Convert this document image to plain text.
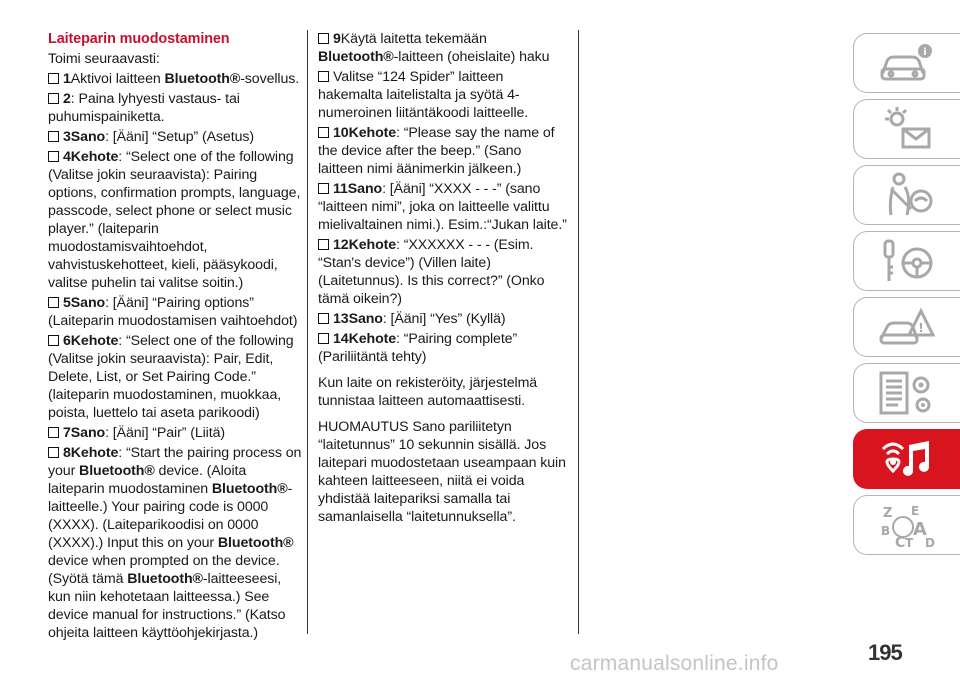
Laiteparin muodostaminen
Toimi seuraavasti:
1Aktivoi laitteen Bluetooth®-sovellus.
2: Paina lyhyesti vastaus- tai puhumispainiketta.
3Sano: [Ääni] “Setup” (Asetus)
4Kehote: “Select one of the following (Valitse jokin seuraavista): Pairing options, confirmation prompts, language, passcode, select phone or select music player.” (laiteparin muodostamisvaihtoehdot, vahvistuskehotteet, kieli, pääsykoodi, valitse puhelin tai valitse soitin.)
5Sano: [Ääni] “Pairing options” (Laiteparin muodostamisen vaihtoehdot)
6Kehote: “Select one of the following (Valitse jokin seuraavista): Pair, Edit, Delete, List, or Set Pairing Code.” (laiteparin muodostaminen, muokkaa, poista, luettelo tai aseta parikoodi)
7Sano: [Ääni] “Pair” (Liitä)
8Kehote: “Start the pairing process on your Bluetooth® device. (Aloita laiteparin muodostaminen Bluetooth®-laitteelle.) Your pairing code is 0000 (XXXX). (Laiteparikoodisi on 0000 (XXXX).) Input this on your Bluetooth® device when prompted on the device. (Syötä tämä Bluetooth®-laitteeseesi, kun niin kehotetaan laitteessa.) See device manual for instructions.” (Katso ohjeita laitteen käyttöohjekirjasta.)
9Käytä laitetta tekemään Bluetooth®-laitteen (oheislaite) haku
Valitse “124 Spider” laitteen hakemalta laitelistalta ja syötä 4-numeroinen liitäntäkoodi laitteelle.
10Kehote: “Please say the name of the device after the beep.” (Sano laitteen nimi äänimerkin jälkeen.)
11Sano: [Ääni] “XXXX - - -” (sano “laitteen nimi”, joka on laitteelle valittu mielivaltainen nimi.). Esim.:“Jukan laite.”
12Kehote: “XXXXXX - - - (Esim. “Stan's device”) (Villen laite) (Laitetunnus). Is this correct?” (Onko tämä oikein?)
13Sano: [Ääni] “Yes” (Kyllä)
14Kehote: “Pairing complete” (Pariliitäntä tehty)
Kun laite on rekisteröity, järjestelmä tunnistaa laitteen automaattisesti.
HUOMAUTUS Sano pariliitetyn “laitetunnus” 10 sekunnin sisällä. Jos laitepari muodostetaan useampaan kuin kahteen laitteeseen, niitä ei voida yhdistää laitepariksi samalla tai samanlaisella “laitetunnuksella”.
i
!
Z E
B A
C T D
195
carmanualsonline.info
